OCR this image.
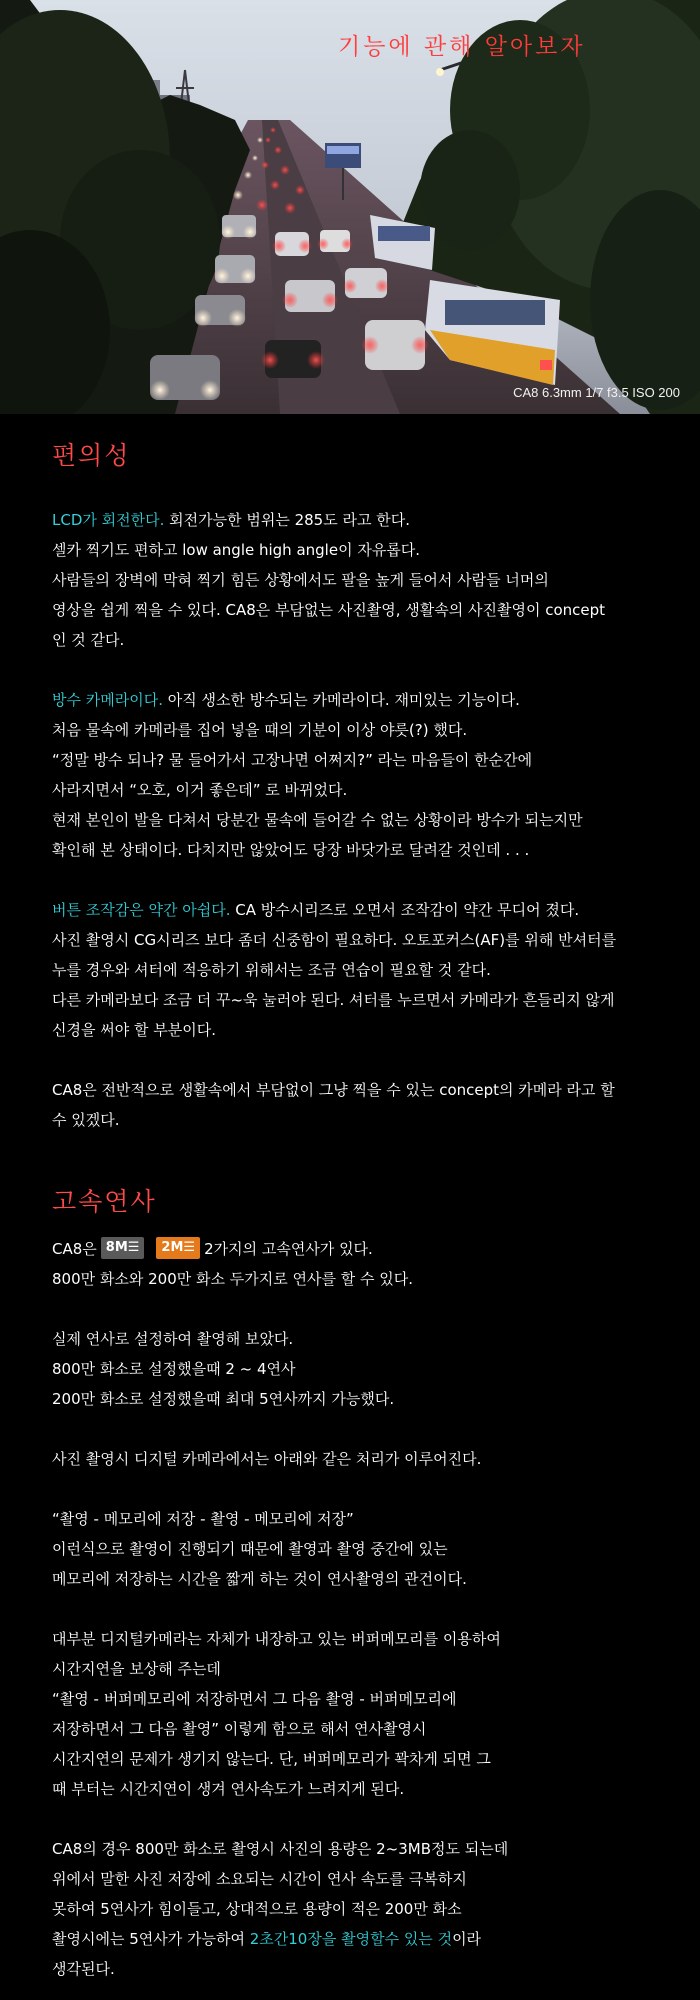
기능에 관해 알아보자
CA8 6.3mm 1/7 f3.5 ISO 200
편의성
LCD가 회전한다. 회전가능한 범위는 285도 라고 한다.
셀카 찍기도 편하고 low angle high angle이 자유롭다.
사람들의 장벽에 막혀 찍기 힘든 상황에서도 팔을 높게 들어서 사람들 너머의
영상을 쉽게 찍을 수 있다. CA8은 부담없는 사진촬영, 생활속의 사진촬영이 concept
인 것 같다.
방수 카메라이다. 아직 생소한 방수되는 카메라이다. 재미있는 기능이다.
처음 물속에 카메라를 집어 넣을 때의 기분이 이상 야릇(?) 했다.
“정말 방수 되나? 물 들어가서 고장나면 어쩌지?” 라는 마음들이 한순간에
사라지면서 “오호, 이거 좋은데” 로 바뀌었다.
현재 본인이 발을 다쳐서 당분간 물속에 들어갈 수 없는 상황이라 방수가 되는지만
확인해 본 상태이다. 다치지만 않았어도 당장 바닷가로 달려갈 것인데 . . .
버튼 조작감은 약간 아쉽다. CA 방수시리즈로 오면서 조작감이 약간 무디어 졌다.
사진 촬영시 CG시리즈 보다 좀더 신중함이 필요하다. 오토포커스(AF)를 위해 반셔터를
누를 경우와 셔터에 적응하기 위해서는 조금 연습이 필요할 것 같다.
다른 카메라보다 조금 더 꾸~욱 눌러야 된다. 셔터를 누르면서 카메라가 흔들리지 않게
신경을 써야 할 부분이다.
CA8은 전반적으로 생활속에서 부담없이 그냥 찍을 수 있는 concept의 카메라 라고 할
수 있겠다.
고속연사
CA8은 8M☰ 2M☰ 2가지의 고속연사가 있다.
800만 화소와 200만 화소 두가지로 연사를 할 수 있다.
실제 연사로 설정하여 촬영해 보았다.
800만 화소로 설정했을때 2 ~ 4연사
200만 화소로 설정했을때 최대 5연사까지 가능했다.
사진 촬영시 디지털 카메라에서는 아래와 같은 처리가 이루어진다.
“촬영 - 메모리에 저장 - 촬영 - 메모리에 저장”
이런식으로 촬영이 진행되기 때문에 촬영과 촬영 중간에 있는
메모리에 저장하는 시간을 짧게 하는 것이 연사촬영의 관건이다.
대부분 디지털카메라는 자체가 내장하고 있는 버퍼메모리를 이용하여
시간지연을 보상해 주는데
“촬영 - 버퍼메모리에 저장하면서 그 다음 촬영 - 버퍼메모리에
저장하면서 그 다음 촬영” 이렇게 함으로 해서 연사촬영시
시간지연의 문제가 생기지 않는다. 단, 버퍼메모리가 꽉차게 되면 그
때 부터는 시간지연이 생겨 연사속도가 느려지게 된다.
CA8의 경우 800만 화소로 촬영시 사진의 용량은 2~3MB정도 되는데
위에서 말한 사진 저장에 소요되는 시간이 연사 속도를 극복하지
못하여 5연사가 힘이들고, 상대적으로 용량이 적은 200만 화소
촬영시에는 5연사가 가능하여 2초간10장을 촬영할수 있는 것이라
생각된다.
